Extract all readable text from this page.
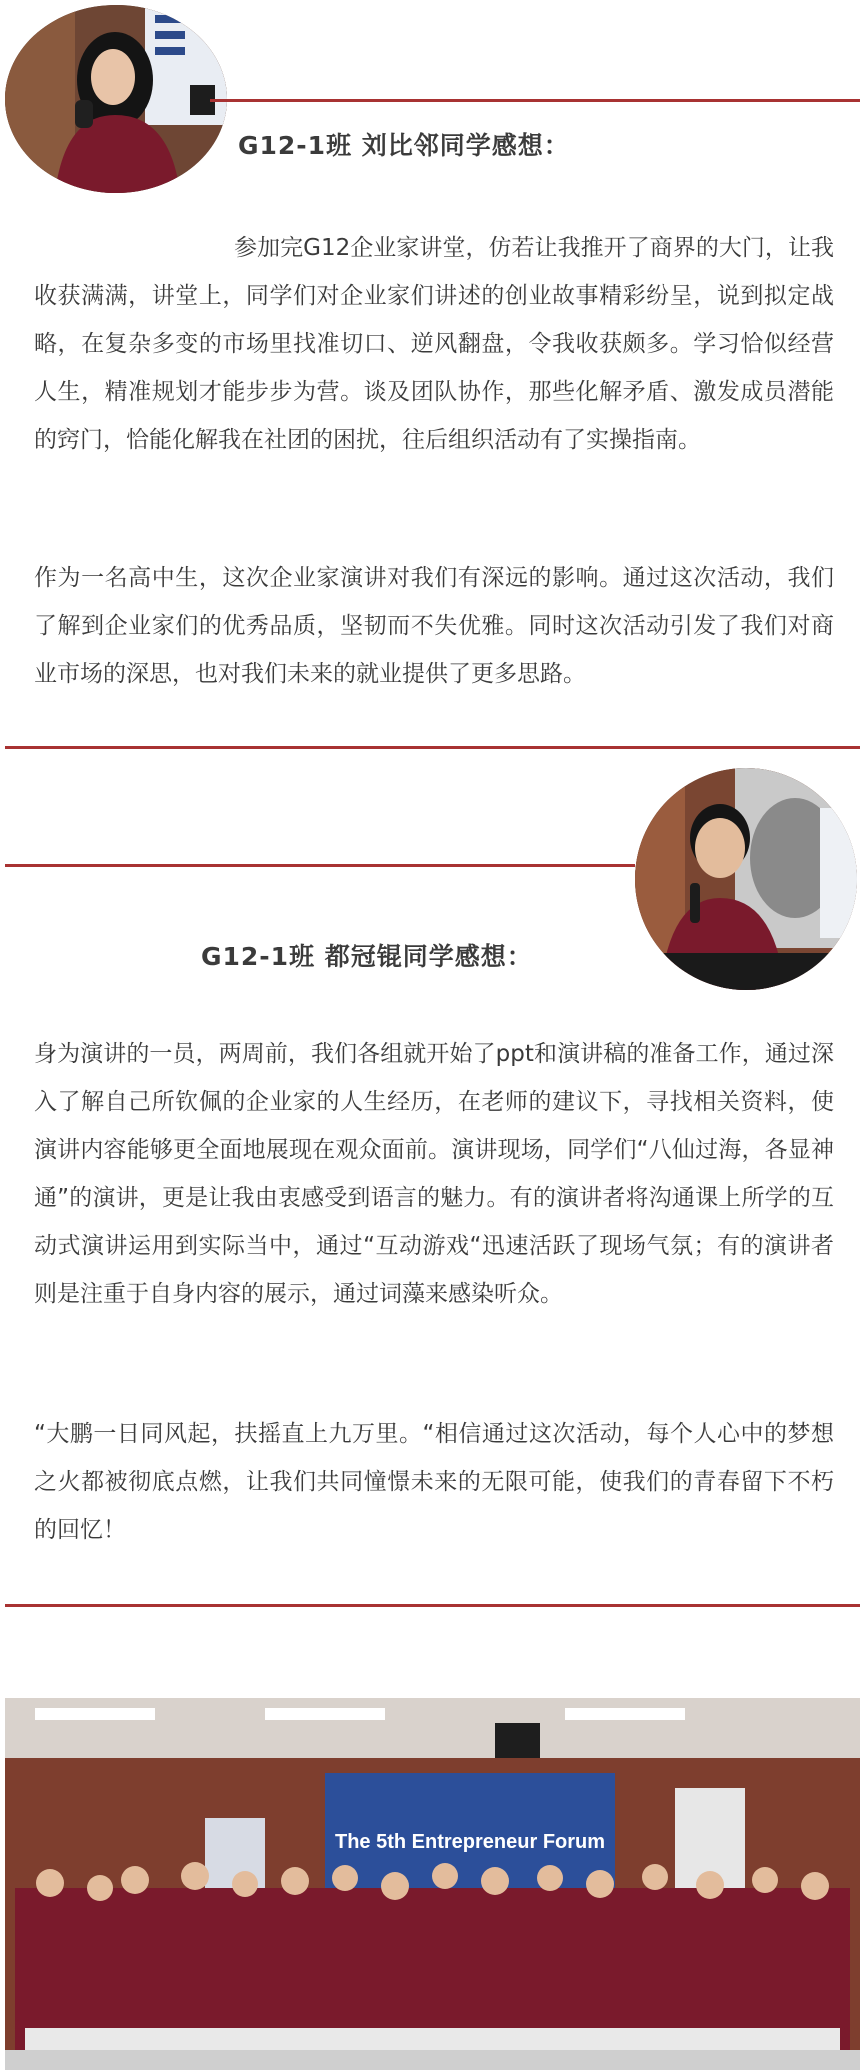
G12-1班 刘比邻同学感想：

参加完G12企业家讲堂，仿若让我推开了商界的大门，让我收获满满，讲堂上，同学们对企业家们讲述的创业故事精彩纷呈，说到拟定战略，在复杂多变的市场里找准切口、逆风翻盘，令我收获颇多。学习恰似经营人生，精准规划才能步步为营。谈及团队协作，那些化解矛盾、激发成员潜能的窍门，恰能化解我在社团的困扰，往后组织活动有了实操指南。

作为一名高中生，这次企业家演讲对我们有深远的影响。通过这次活动，我们了解到企业家们的优秀品质，坚韧而不失优雅。同时这次活动引发了我们对商业市场的深思，也对我们未来的就业提供了更多思路。

G12-1班 都冠锟同学感想：

身为演讲的一员，两周前，我们各组就开始了ppt和演讲稿的准备工作，通过深入了解自己所钦佩的企业家的人生经历，在老师的建议下，寻找相关资料，使演讲内容能够更全面地展现在观众面前。演讲现场，同学们“八仙过海，各显神通”的演讲，更是让我由衷感受到语言的魅力。有的演讲者将沟通课上所学的互动式演讲运用到实际当中，通过“互动游戏“迅速活跃了现场气氛；有的演讲者则是注重于自身内容的展示，通过词藻来感染听众。

“大鹏一日同风起，扶摇直上九万里。“相信通过这次活动，每个人心中的梦想之火都被彻底点燃，让我们共同憧憬未来的无限可能，使我们的青春留下不朽的回忆！

The 5th Entrepreneur Forum
